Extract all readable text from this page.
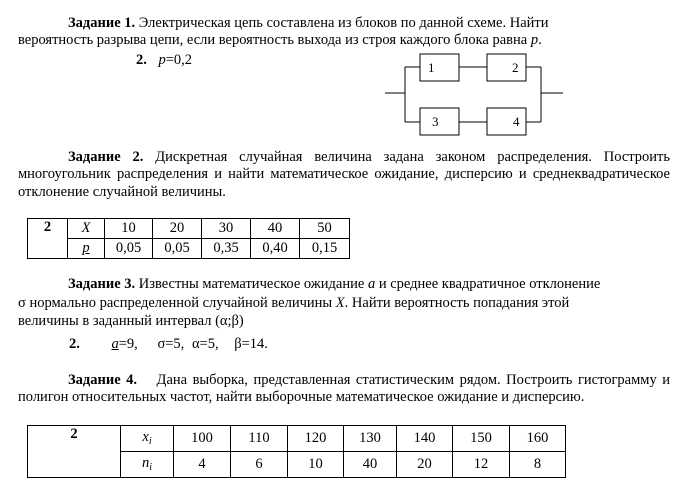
Задание 1. Электрическая цепь составлена из блоков по данной схеме. Найти
вероятность разрыва цепи, если вероятность выхода из строя каждого блока равна p.
2. p=0,2	1	2
3	4
Задание 2. Дискретная случайная величина задана законом распределения. Построить многоугольник распределения и найти математическое ожидание, дисперсию и среднеквадратическое отклонение случайной величины.
2	X	10	20	30	40	50
	p	0,05	0,05	0,35	0,40	0,15
Задание 3. Известны математическое ожидание a и среднее квадратичное отклонение
σ нормально распределенной случайной величины X. Найти вероятность попадания этой
величины в заданный интервал (α;β)
2. a=9, σ=5, α=5, β=14.
Задание 4. Дана выборка, представленная статистическим рядом. Построить гистограмму и полигон относительных частот, найти выборочные математическое ожидание и дисперсию.
2	$x_i$	100	110	120	130	140	150	160
	$n_i$	4	6	10	40	20	12	8
